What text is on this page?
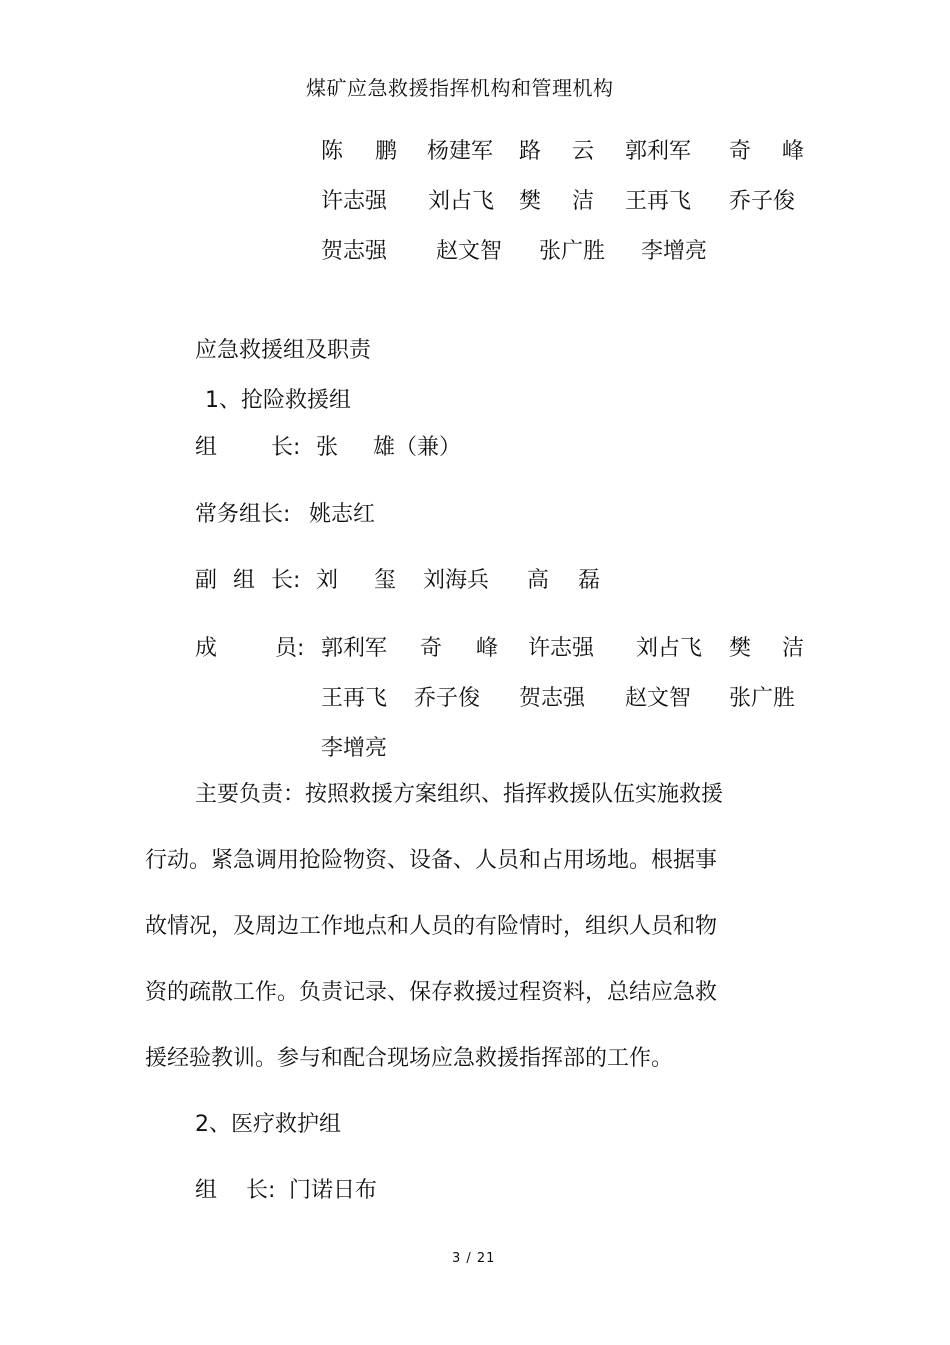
煤矿应急救援指挥机构和管理机构
陈 鹏 杨建军 路 云 郭利军 奇 峰
许志强 刘占飞 樊 洁 王再飞 乔子俊
贺志强 赵文智 张广胜 李增亮
应急救援组及职责
1、抢险救援组
组 长: 张 雄（兼）
常务组长: 姚志红
副 组 长: 刘 玺 刘海兵 高 磊
成	员: 郭利军 奇 峰 许志强 刘占飞 樊 洁
王再飞 乔子俊 贺志强 赵文智 张广胜
李增亮
主要负责：按照救援方案组织、指挥救援队伍实施救援
行动。紧急调用抢险物资、设备、人员和占用场地。根据事
故情况，及周边工作地点和人员的有险情时，组织人员和物
资的疏散工作。负责记录、保存救援过程资料，总结应急救
援经验教训。参与和配合现场应急救援指挥部的工作。
2、医疗救护组
组 长: 门诺日布
3 / 21
